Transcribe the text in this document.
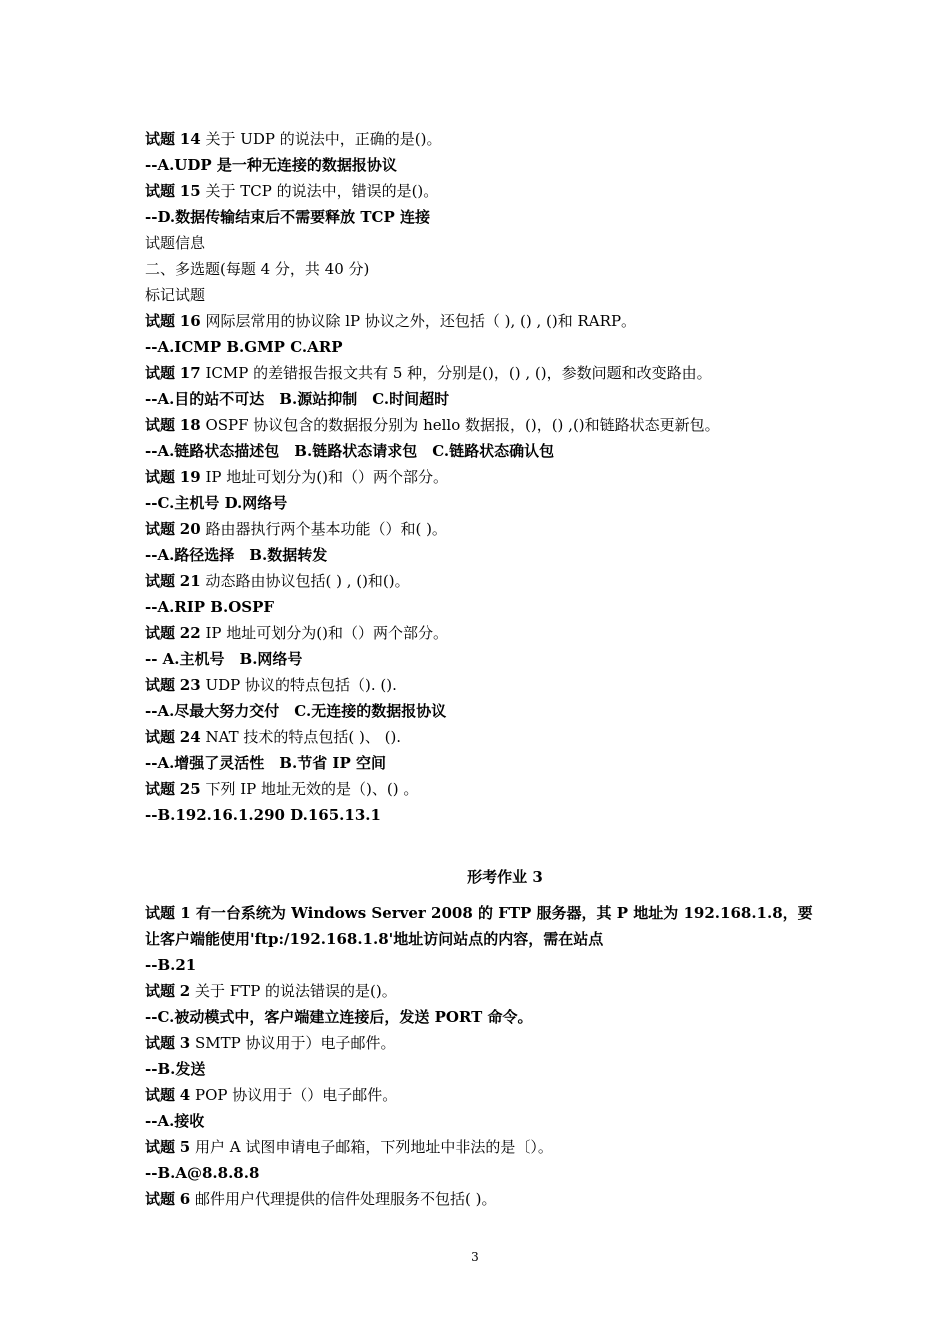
试题 14 关于 UDP 的说法中，正确的是()。
--A.UDP 是一种无连接的数据报协议
试题 15 关于 TCP 的说法中，错误的是()。
--D.数据传输结束后不需要释放 TCP 连接
试题信息
二、多选题(每题 4 分，共 40 分)
标记试题
试题 16 网际层常用的协议除 lP 协议之外，还包括（ ), () , ()和 RARP。
--A.ICMP B.GMP C.ARP
试题 17 ICMP 的差错报告报文共有 5 种，分别是()，() , ()，参数问题和改变路由。
--A.目的站不可达　B.源站抑制　C.时间超时
试题 18 OSPF 协议包含的数据报分别为 hello 数据报，()，() ,()和链路状态更新包。
--A.链路状态描述包　B.链路状态请求包　C.链路状态确认包
试题 19 IP 地址可划分为()和（）两个部分。
--C.主机号 D.网络号
试题 20 路由器执行两个基本功能（）和( )。
--A.路径选择　B.数据转发
试题 21 动态路由协议包括( ) , ()和()。
--A.RIP B.OSPF
试题 22 IP 地址可划分为()和（）两个部分。
-- A.主机号　B.网络号
试题 23 UDP 协议的特点包括（). ().
--A.尽最大努力交付　C.无连接的数据报协议
试题 24 NAT 技术的特点包括( )、 ().
--A.增强了灵活性　B.节省 IP 空间
试题 25 下列 IP 地址无效的是（)、() 。
--B.192.16.1.290 D.165.13.1
形考作业 3
试题 1 有一台系统为 Windows Server 2008 的 FTP 服务器，其 P 地址为 192.168.1.8，要让客户端能使用'ftp:/192.168.1.8'地址访问站点的内容，需在站点
--B.21
试题 2 关于 FTP 的说法错误的是()。
--C.被动模式中，客户端建立连接后，发送 PORT 命令。
试题 3 SMTP 协议用于）电子邮件。
--B.发送
试题 4 POP 协议用于（）电子邮件。
--A.接收
试题 5 用户 A 试图申请电子邮箱，下列地址中非法的是〔）。
--B.A@8.8.8.8
试题 6 邮件用户代理提供的信件处理服务不包括( )。
3
